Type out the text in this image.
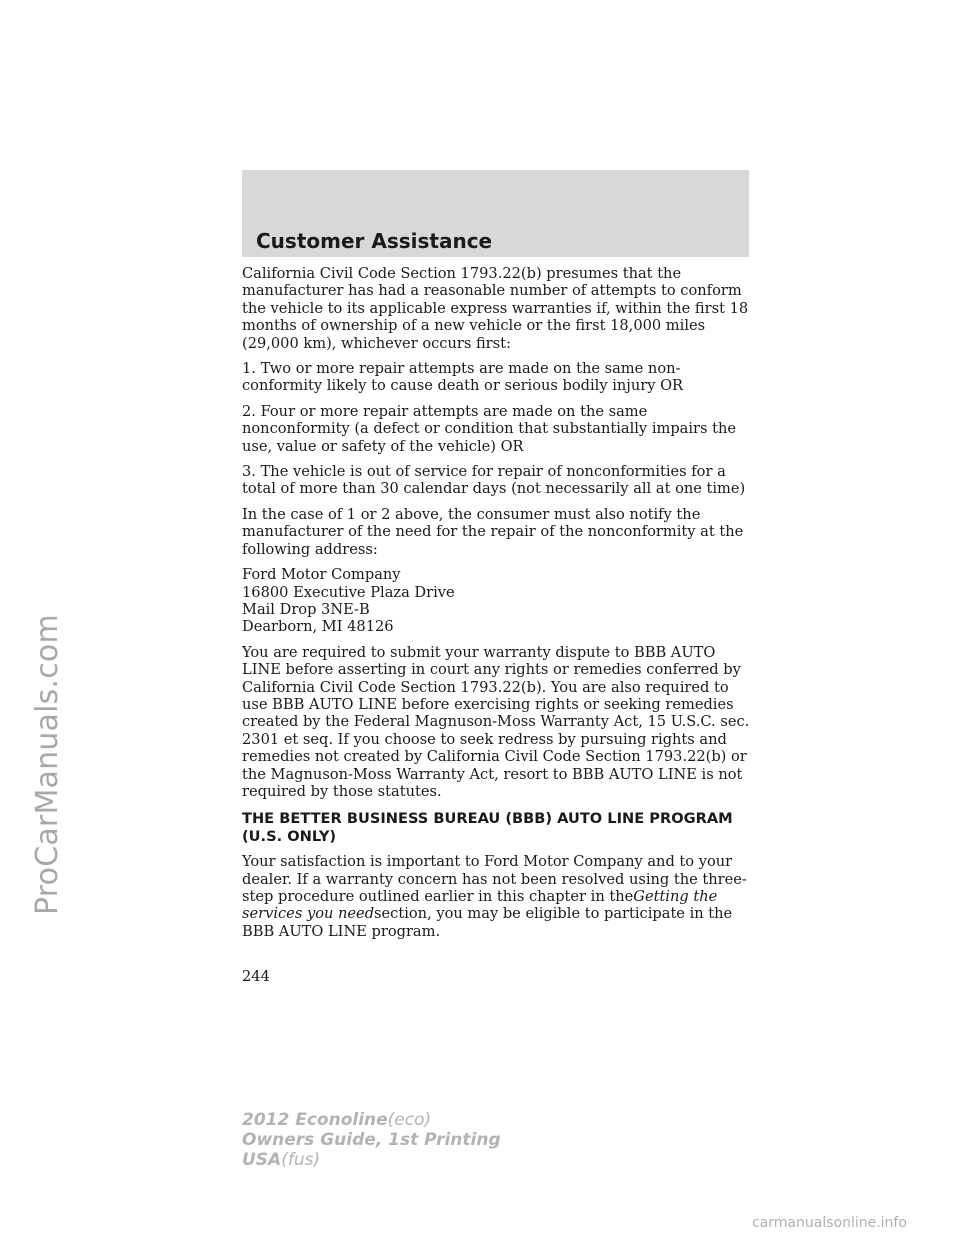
ProCarManuals.com
Customer Assistance

California Civil Code Section 1793.22(b) presumes that the manufacturer has had a reasonable number of attempts to conform the vehicle to its applicable express warranties if, within the first 18 months of ownership of a new vehicle or the first 18,000 miles (29,000 km), whichever occurs first:

1. Two or more repair attempts are made on the same non-conformity likely to cause death or serious bodily injury OR

2. Four or more repair attempts are made on the same nonconformity (a defect or condition that substantially impairs the use, value or safety of the vehicle) OR

3. The vehicle is out of service for repair of nonconformities for a total of more than 30 calendar days (not necessarily all at one time)

In the case of 1 or 2 above, the consumer must also notify the manufacturer of the need for the repair of the nonconformity at the following address:

Ford Motor Company
16800 Executive Plaza Drive
Mail Drop 3NE-B
Dearborn, MI 48126

You are required to submit your warranty dispute to BBB AUTO LINE before asserting in court any rights or remedies conferred by California Civil Code Section 1793.22(b). You are also required to use BBB AUTO LINE before exercising rights or seeking remedies created by the Federal Magnuson-Moss Warranty Act, 15 U.S.C. sec. 2301 et seq. If you choose to seek redress by pursuing rights and remedies not created by California Civil Code Section 1793.22(b) or the Magnuson-Moss Warranty Act, resort to BBB AUTO LINE is not required by those statutes.

THE BETTER BUSINESS BUREAU (BBB) AUTO LINE PROGRAM (U.S. ONLY)

Your satisfaction is important to Ford Motor Company and to your dealer. If a warranty concern has not been resolved using the three-step procedure outlined earlier in this chapter in theGetting the services you needsection, you may be eligible to participate in the BBB AUTO LINE program.

244
2012 Econoline(eco)
Owners Guide, 1st Printing
USA(fus)
carmanualsonline.info
